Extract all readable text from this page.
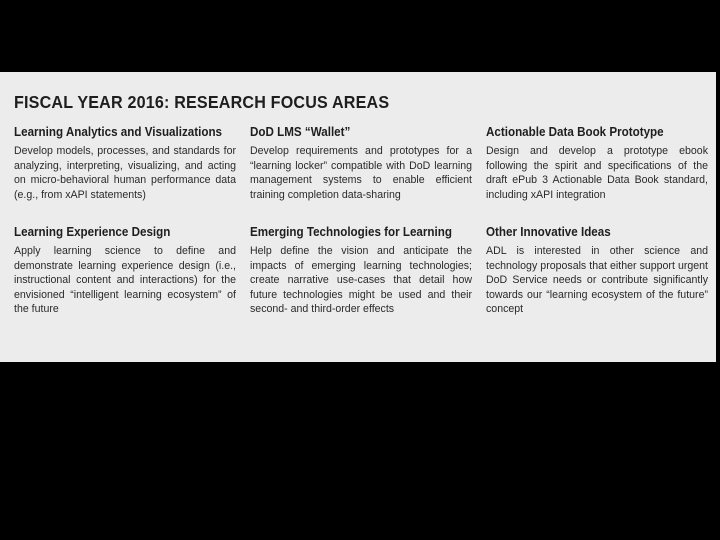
FISCAL YEAR 2016: RESEARCH FOCUS AREAS
Learning Analytics and Visualizations

Develop models, processes, and standards for analyzing, interpreting, visualizing, and acting on micro-behavioral human performance data (e.g., from xAPI statements)

DoD LMS “Wallet”

Develop requirements and prototypes for a “learning locker” compatible with DoD learning management systems to enable efficient training completion data-sharing

Actionable Data Book Prototype

Design and develop a prototype ebook following the spirit and specifications of the draft ePub 3 Actionable Data Book standard, including xAPI integration

Learning Experience Design

Apply learning science to define and demonstrate learning experience design (i.e., instructional content and interactions) for the envisioned “intelligent learning ecosystem” of the future

Emerging Technologies for Learning

Help define the vision and anticipate the impacts of emerging learning technologies; create narrative use-cases that detail how future technologies might be used and their second- and third-order effects

Other Innovative Ideas

ADL is interested in other science and technology proposals that either support urgent DoD Service needs or contribute significantly towards our “learning ecosystem of the future” concept
